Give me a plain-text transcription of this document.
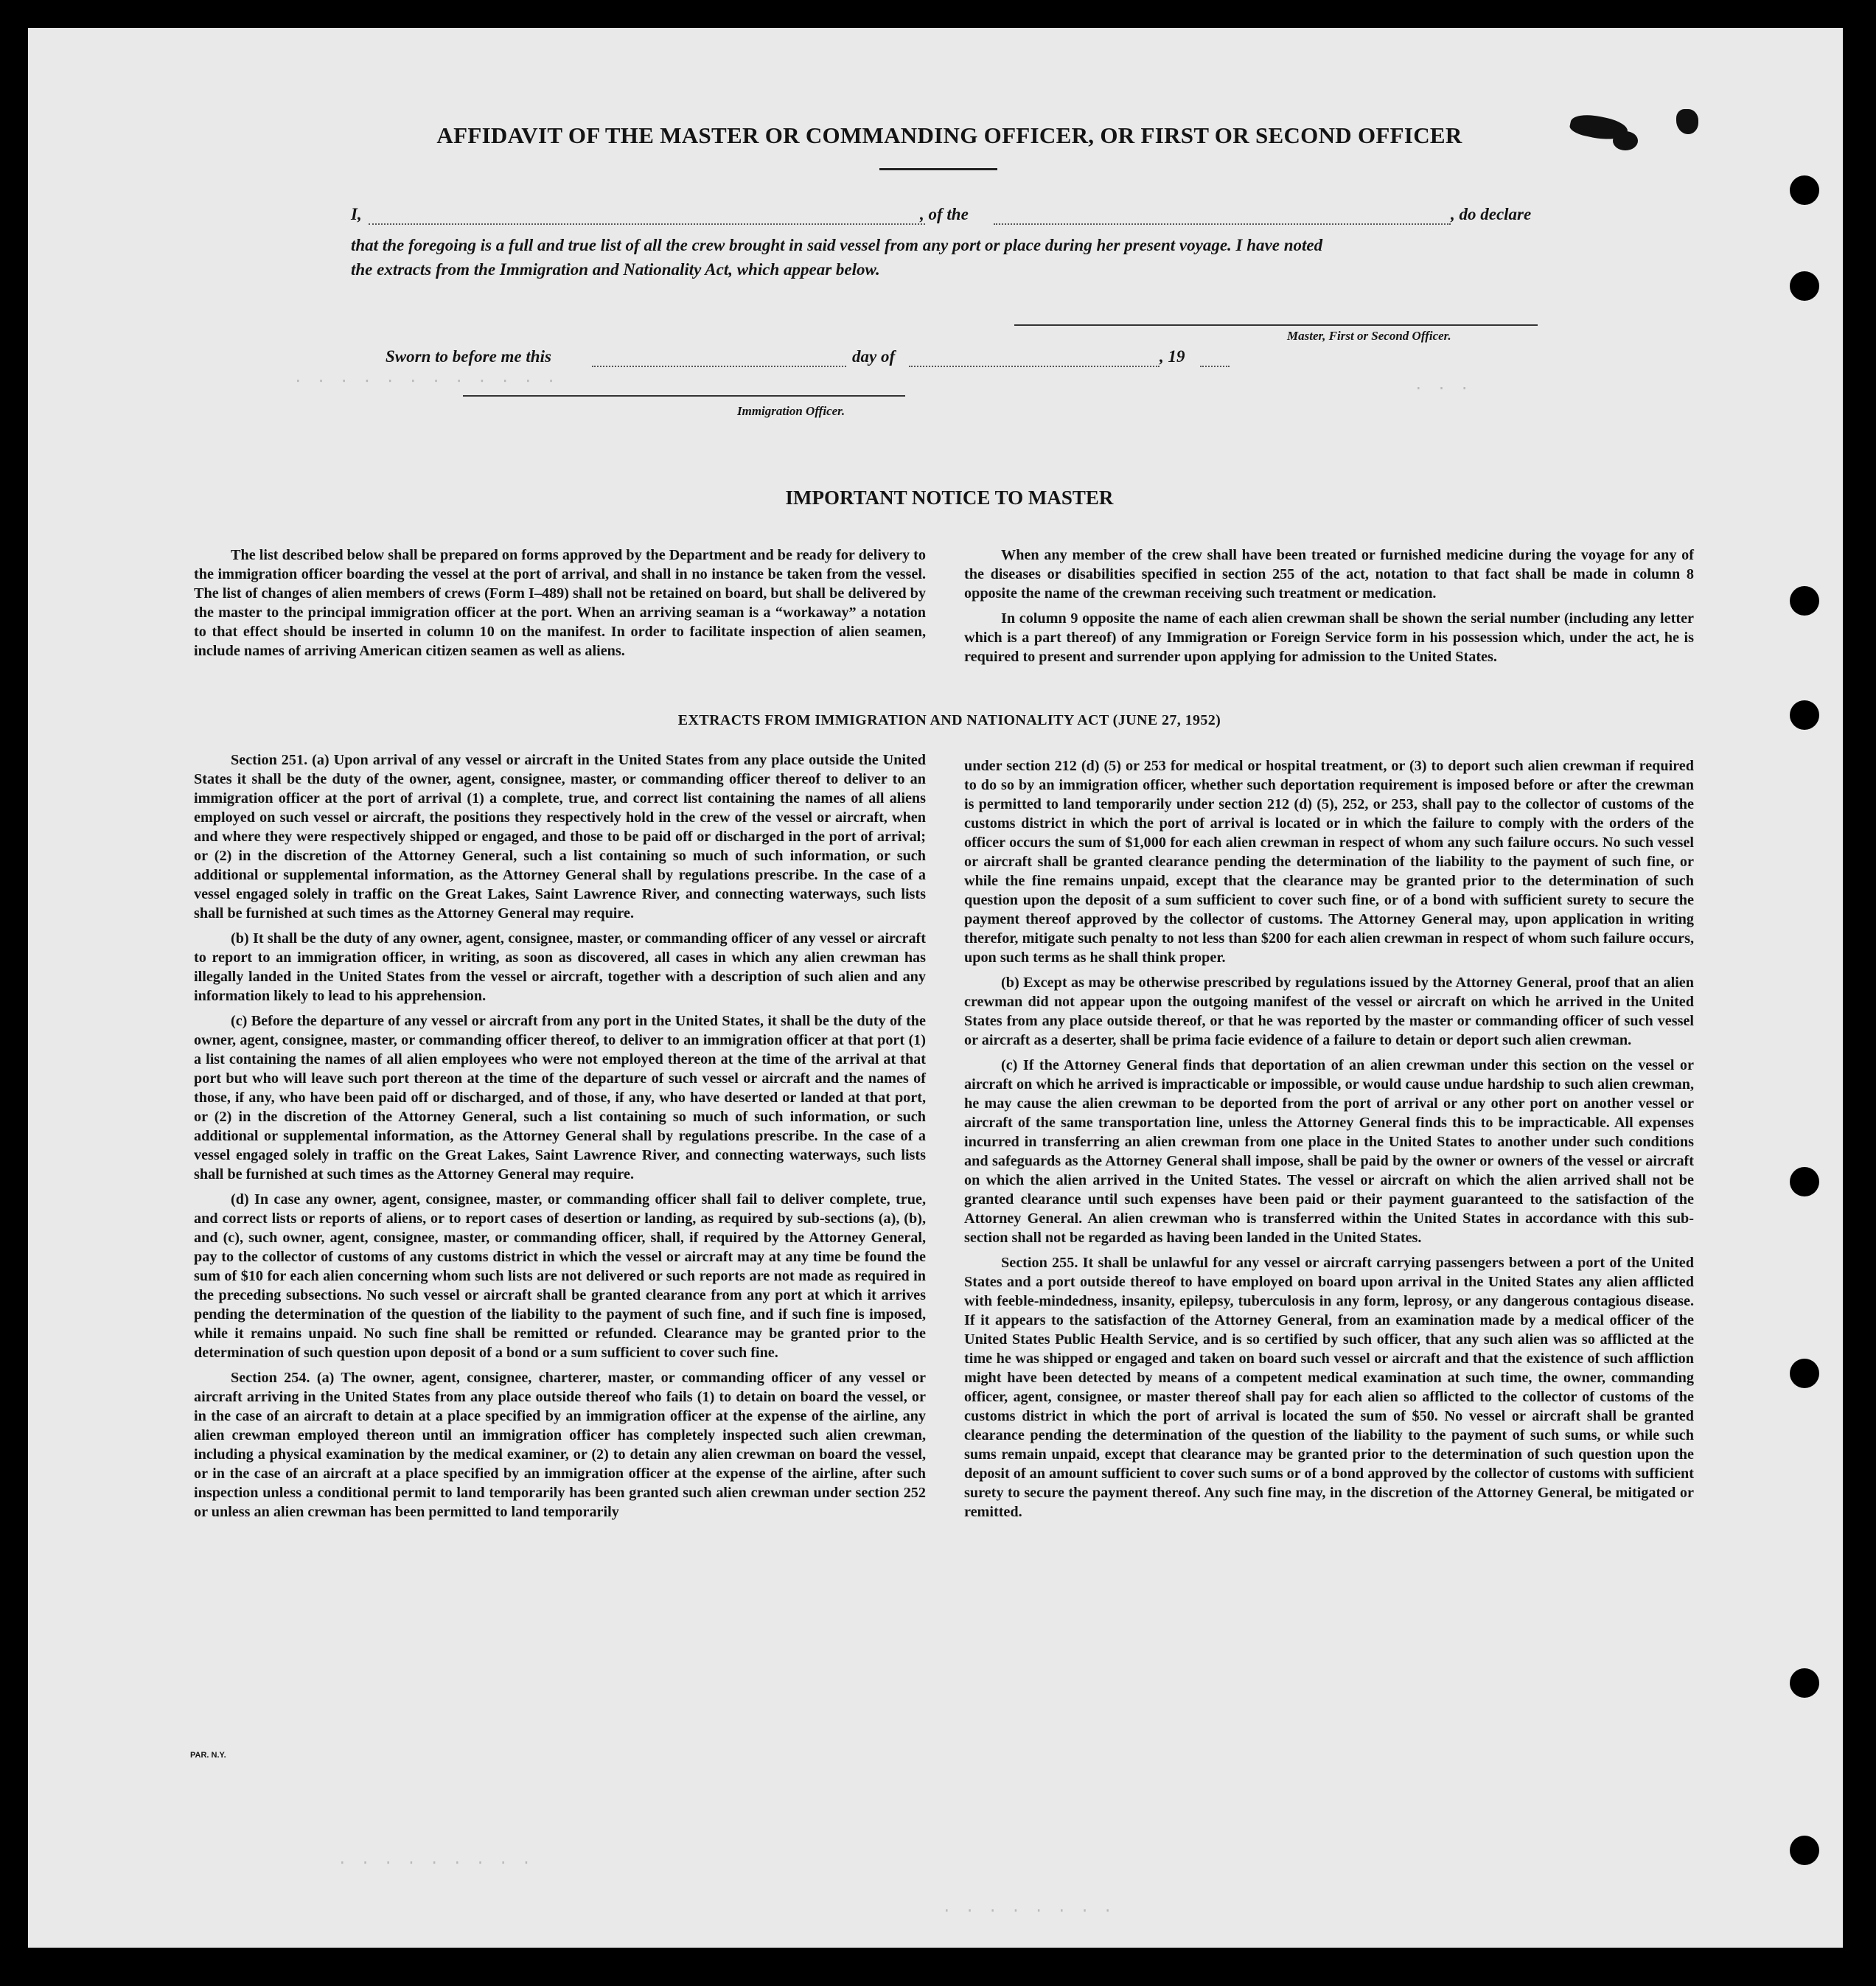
. . . . . . . . . . . .	. . .
. . . . . . . . .
. . . . . . . .
AFFIDAVIT OF THE MASTER OR COMMANDING OFFICER, OR FIRST OR SECOND OFFICER
I,	, of the	, do declare
that the foregoing is a full and true list of all the crew brought in said vessel from any port or place during her present voyage. I have noted
the extracts from the Immigration and Nationality Act, which appear below.
Master, First or Second Officer.
Sworn to before me this	day of	, 19
Immigration Officer.
IMPORTANT NOTICE TO MASTER

The list described below shall be prepared on forms approved by the Department and be ready for delivery to the immigration officer boarding the vessel at the port of arrival, and shall in no instance be taken from the vessel. The list of changes of alien members of crews (Form I–489) shall not be retained on board, but shall be delivered by the master to the principal immigration officer at the port. When an arriving seaman is a “workaway” a notation to that effect should be inserted in column 10 on the manifest. In order to facilitate inspection of alien seamen, include names of arriving American citizen seamen as well as aliens.

When any member of the crew shall have been treated or furnished medicine during the voyage for any of the diseases or disabilities specified in section 255 of the act, notation to that fact shall be made in column 8 opposite the name of the crewman receiving such treatment or medication.

In column 9 opposite the name of each alien crewman shall be shown the serial number (including any letter which is a part thereof) of any Immigration or Foreign Service form in his possession which, under the act, he is required to present and surrender upon applying for admission to the United States.

EXTRACTS FROM IMMIGRATION AND NATIONALITY ACT (JUNE 27, 1952)

Section 251. (a) Upon arrival of any vessel or aircraft in the United States from any place outside the United States it shall be the duty of the owner, agent, consignee, master, or commanding officer thereof to deliver to an immigration officer at the port of arrival (1) a complete, true, and correct list containing the names of all aliens employed on such vessel or aircraft, the positions they respectively hold in the crew of the vessel or aircraft, when and where they were respectively shipped or engaged, and those to be paid off or discharged in the port of arrival; or (2) in the discretion of the Attorney General, such a list containing so much of such information, or such additional or supplemental information, as the Attorney General shall by regulations prescribe. In the case of a vessel engaged solely in traffic on the Great Lakes, Saint Lawrence River, and connecting waterways, such lists shall be furnished at such times as the Attorney General may require.

(b) It shall be the duty of any owner, agent, consignee, master, or commanding officer of any vessel or aircraft to report to an immigration officer, in writing, as soon as discovered, all cases in which any alien crewman has illegally landed in the United States from the vessel or aircraft, together with a description of such alien and any information likely to lead to his apprehension.

(c) Before the departure of any vessel or aircraft from any port in the United States, it shall be the duty of the owner, agent, consignee, master, or commanding officer thereof, to deliver to an immigration officer at that port (1) a list containing the names of all alien employees who were not employed thereon at the time of the arrival at that port but who will leave such port thereon at the time of the departure of such vessel or aircraft and the names of those, if any, who have been paid off or discharged, and of those, if any, who have deserted or landed at that port, or (2) in the discretion of the Attorney General, such a list containing so much of such information, or such additional or supplemental information, as the Attorney General shall by regulations prescribe. In the case of a vessel engaged solely in traffic on the Great Lakes, Saint Lawrence River, and connecting waterways, such lists shall be furnished at such times as the Attorney General may require.

(d) In case any owner, agent, consignee, master, or commanding officer shall fail to deliver complete, true, and correct lists or reports of aliens, or to report cases of desertion or landing, as required by sub-sections (a), (b), and (c), such owner, agent, consignee, master, or commanding officer, shall, if required by the Attorney General, pay to the collector of customs of any customs district in which the vessel or aircraft may at any time be found the sum of $10 for each alien concerning whom such lists are not delivered or such reports are not made as required in the preceding subsections. No such vessel or aircraft shall be granted clearance from any port at which it arrives pending the determination of the question of the liability to the payment of such fine, and if such fine is imposed, while it remains unpaid. No such fine shall be remitted or refunded. Clearance may be granted prior to the determination of such question upon deposit of a bond or a sum sufficient to cover such fine.

Section 254. (a) The owner, agent, consignee, charterer, master, or commanding officer of any vessel or aircraft arriving in the United States from any place outside thereof who fails (1) to detain on board the vessel, or in the case of an aircraft to detain at a place specified by an immigration officer at the expense of the airline, any alien crewman employed thereon until an immigration officer has completely inspected such alien crewman, including a physical examination by the medical examiner, or (2) to detain any alien crewman on board the vessel, or in the case of an aircraft at a place specified by an immigration officer at the expense of the airline, after such inspection unless a conditional permit to land temporarily has been granted such alien crewman under section 252 or unless an alien crewman has been permitted to land temporarily

under section 212 (d) (5) or 253 for medical or hospital treatment, or (3) to deport such alien crewman if required to do so by an immigration officer, whether such deportation requirement is imposed before or after the crewman is permitted to land temporarily under section 212 (d) (5), 252, or 253, shall pay to the collector of customs of the customs district in which the port of arrival is located or in which the failure to comply with the orders of the officer occurs the sum of $1,000 for each alien crewman in respect of whom any such failure occurs. No such vessel or aircraft shall be granted clearance pending the determination of the liability to the payment of such fine, or while the fine remains unpaid, except that the clearance may be granted prior to the determination of such question upon the deposit of a sum sufficient to cover such fine, or of a bond with sufficient surety to secure the payment thereof approved by the collector of customs. The Attorney General may, upon application in writing therefor, mitigate such penalty to not less than $200 for each alien crewman in respect of whom such failure occurs, upon such terms as he shall think proper.

(b) Except as may be otherwise prescribed by regulations issued by the Attorney General, proof that an alien crewman did not appear upon the outgoing manifest of the vessel or aircraft on which he arrived in the United States from any place outside thereof, or that he was reported by the master or commanding officer of such vessel or aircraft as a deserter, shall be prima facie evidence of a failure to detain or deport such alien crewman.

(c) If the Attorney General finds that deportation of an alien crewman under this section on the vessel or aircraft on which he arrived is impracticable or impossible, or would cause undue hardship to such alien crewman, he may cause the alien crewman to be deported from the port of arrival or any other port on another vessel or aircraft of the same transportation line, unless the Attorney General finds this to be impracticable. All expenses incurred in transferring an alien crewman from one place in the United States to another under such conditions and safeguards as the Attorney General shall impose, shall be paid by the owner or owners of the vessel or aircraft on which the alien arrived in the United States. The vessel or aircraft on which the alien arrived shall not be granted clearance until such expenses have been paid or their payment guaranteed to the satisfaction of the Attorney General. An alien crewman who is transferred within the United States in accordance with this sub-section shall not be regarded as having been landed in the United States.

Section 255. It shall be unlawful for any vessel or aircraft carrying passengers between a port of the United States and a port outside thereof to have employed on board upon arrival in the United States any alien afflicted with feeble-mindedness, insanity, epilepsy, tuberculosis in any form, leprosy, or any dangerous contagious disease. If it appears to the satisfaction of the Attorney General, from an examination made by a medical officer of the United States Public Health Service, and is so certified by such officer, that any such alien was so afflicted at the time he was shipped or engaged and taken on board such vessel or aircraft and that the existence of such affliction might have been detected by means of a competent medical examination at such time, the owner, commanding officer, agent, consignee, or master thereof shall pay for each alien so afflicted to the collector of customs of the customs district in which the port of arrival is located the sum of $50. No vessel or aircraft shall be granted clearance pending the determination of the question of the liability to the payment of such sums, or while such sums remain unpaid, except that clearance may be granted prior to the determination of such question upon the deposit of an amount sufficient to cover such sums or of a bond approved by the collector of customs with sufficient surety to secure the payment thereof. Any such fine may, in the discretion of the Attorney General, be mitigated or remitted.

PAR. N.Y.
